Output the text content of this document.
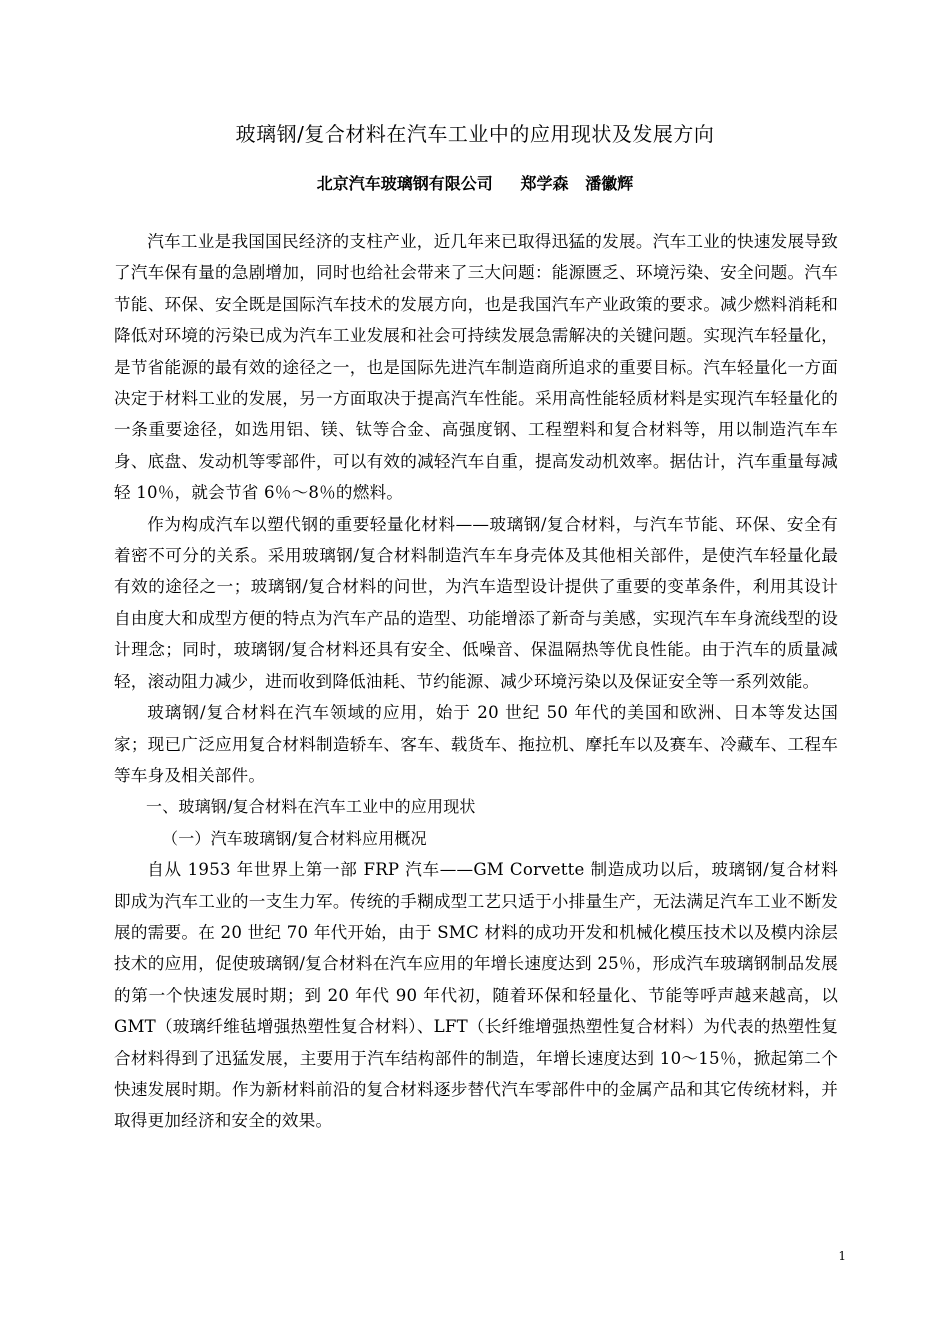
玻璃钢/复合材料在汽车工业中的应用现状及发展方向
北京汽车玻璃钢有限公司     郑学森   潘徽辉

汽车工业是我国国民经济的支柱产业，近几年来已取得迅猛的发展。汽车工业的快速发展导致了汽车保有量的急剧增加，同时也给社会带来了三大问题：能源匮乏、环境污染、安全问题。汽车节能、环保、安全既是国际汽车技术的发展方向，也是我国汽车产业政策的要求。减少燃料消耗和降低对环境的污染已成为汽车工业发展和社会可持续发展急需解决的关键问题。实现汽车轻量化，是节省能源的最有效的途径之一，也是国际先进汽车制造商所追求的重要目标。汽车轻量化一方面决定于材料工业的发展，另一方面取决于提高汽车性能。采用高性能轻质材料是实现汽车轻量化的一条重要途径，如选用铝、镁、钛等合金、高强度钢、工程塑料和复合材料等，用以制造汽车车身、底盘、发动机等零部件，可以有效的减轻汽车自重，提高发动机效率。据估计，汽车重量每减轻 10％，就会节省 6％～8％的燃料。

作为构成汽车以塑代钢的重要轻量化材料——玻璃钢/复合材料，与汽车节能、环保、安全有着密不可分的关系。采用玻璃钢/复合材料制造汽车车身壳体及其他相关部件，是使汽车轻量化最有效的途径之一；玻璃钢/复合材料的问世，为汽车造型设计提供了重要的变革条件，利用其设计自由度大和成型方便的特点为汽车产品的造型、功能增添了新奇与美感，实现汽车车身流线型的设计理念；同时，玻璃钢/复合材料还具有安全、低噪音、保温隔热等优良性能。由于汽车的质量减轻，滚动阻力减少，进而收到降低油耗、节约能源、减少环境污染以及保证安全等一系列效能。

玻璃钢/复合材料在汽车领域的应用，始于 20 世纪 50 年代的美国和欧洲、日本等发达国家；现已广泛应用复合材料制造轿车、客车、载货车、拖拉机、摩托车以及赛车、冷藏车、工程车等车身及相关部件。

一、玻璃钢/复合材料在汽车工业中的应用现状
（一）汽车玻璃钢/复合材料应用概况

自从 1953 年世界上第一部 FRP 汽车——GM Corvette 制造成功以后，玻璃钢/复合材料即成为汽车工业的一支生力军。传统的手糊成型工艺只适于小排量生产，无法满足汽车工业不断发展的需要。在 20 世纪 70 年代开始，由于 SMC 材料的成功开发和机械化模压技术以及模内涂层技术的应用，促使玻璃钢/复合材料在汽车应用的年增长速度达到 25％，形成汽车玻璃钢制品发展的第一个快速发展时期；到 20 年代 90 年代初，随着环保和轻量化、节能等呼声越来越高，以 GMT（玻璃纤维毡增强热塑性复合材料）、LFT（长纤维增强热塑性复合材料）为代表的热塑性复合材料得到了迅猛发展，主要用于汽车结构部件的制造，年增长速度达到 10～15％，掀起第二个快速发展时期。作为新材料前沿的复合材料逐步替代汽车零部件中的金属产品和其它传统材料，并取得更加经济和安全的效果。

1
